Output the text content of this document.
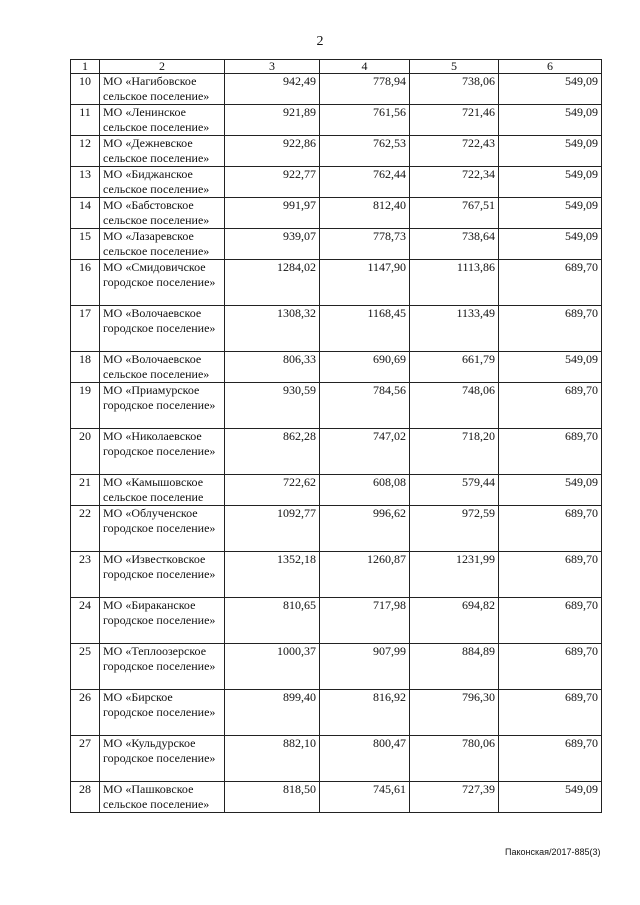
2
1	2	3	4	5	6
10	МО «Нагибовское сельское поселение»	942,49	778,94	738,06	549,09
11	МО «Ленинское сельское поселение»	921,89	761,56	721,46	549,09
12	МО «Дежневское сельское поселение»	922,86	762,53	722,43	549,09
13	МО «Биджанское сельское поселение»	922,77	762,44	722,34	549,09
14	МО «Бабстовское сельское поселение»	991,97	812,40	767,51	549,09
15	МО «Лазаревское сельское поселение»	939,07	778,73	738,64	549,09
16	МО «Смидовичское городское поселение»	1284,02	1147,90	1113,86	689,70
17	МО «Волочаевское городское поселение»	1308,32	1168,45	1133,49	689,70
18	МО «Волочаевское сельское поселение»	806,33	690,69	661,79	549,09
19	МО «Приамурское городское поселение»	930,59	784,56	748,06	689,70
20	МО «Николаевское городское поселение»	862,28	747,02	718,20	689,70
21	МО «Камышовское сельское поселение	722,62	608,08	579,44	549,09
22	МО «Облученское городское поселение»	1092,77	996,62	972,59	689,70
23	МО «Известковское городское поселение»	1352,18	1260,87	1231,99	689,70
24	МО «Бираканское городское поселение»	810,65	717,98	694,82	689,70
25	МО «Теплоозерское городское поселение»	1000,37	907,99	884,89	689,70
26	МО «Бирское городское поселение»	899,40	816,92	796,30	689,70
27	МО «Кульдурское городское поселение»	882,10	800,47	780,06	689,70
28	МО «Пашковское сельское поселение»	818,50	745,61	727,39	549,09
Паконская/2017-885(3)
